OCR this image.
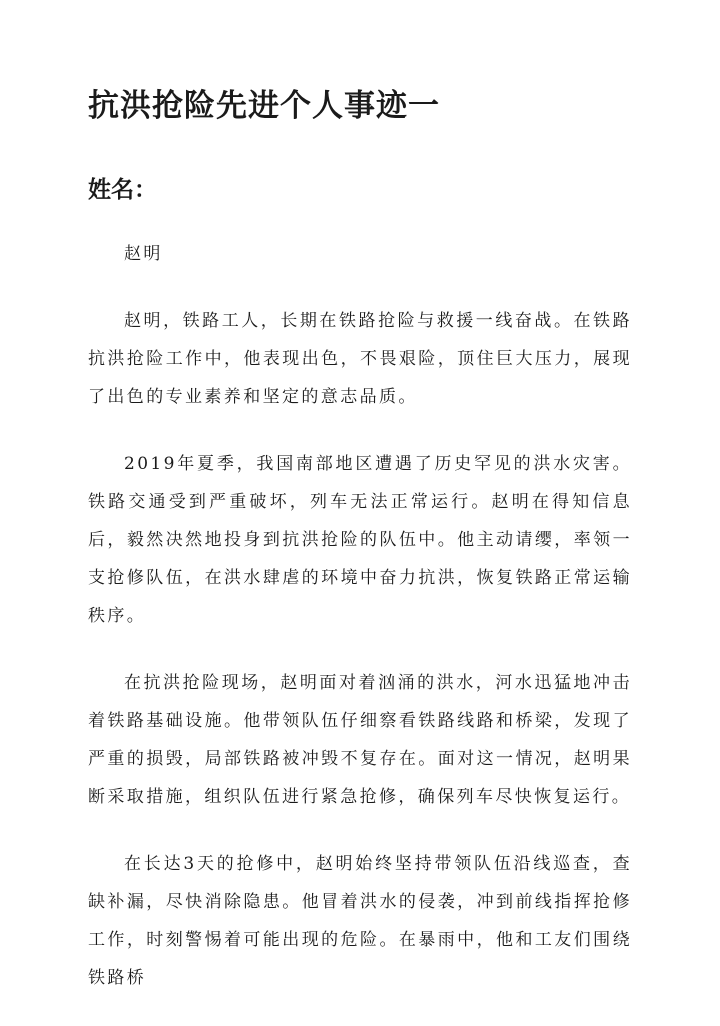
抗洪抢险先进个人事迹一
姓名：

赵明

赵明，铁路工人，长期在铁路抢险与救援一线奋战。在铁路抗洪抢险工作中，他表现出色，不畏艰险，顶住巨大压力，展现了出色的专业素养和坚定的意志品质。

2019年夏季，我国南部地区遭遇了历史罕见的洪水灾害。铁路交通受到严重破坏，列车无法正常运行。赵明在得知信息后，毅然决然地投身到抗洪抢险的队伍中。他主动请缨，率领一支抢修队伍，在洪水肆虐的环境中奋力抗洪，恢复铁路正常运输秩序。

在抗洪抢险现场，赵明面对着汹涌的洪水，河水迅猛地冲击着铁路基础设施。他带领队伍仔细察看铁路线路和桥梁，发现了严重的损毁，局部铁路被冲毁不复存在。面对这一情况，赵明果断采取措施，组织队伍进行紧急抢修，确保列车尽快恢复运行。

在长达3天的抢修中，赵明始终坚持带领队伍沿线巡查，查缺补漏，尽快消除隐患。他冒着洪水的侵袭，冲到前线指挥抢修工作，时刻警惕着可能出现的危险。在暴雨中，他和工友们围绕铁路桥
